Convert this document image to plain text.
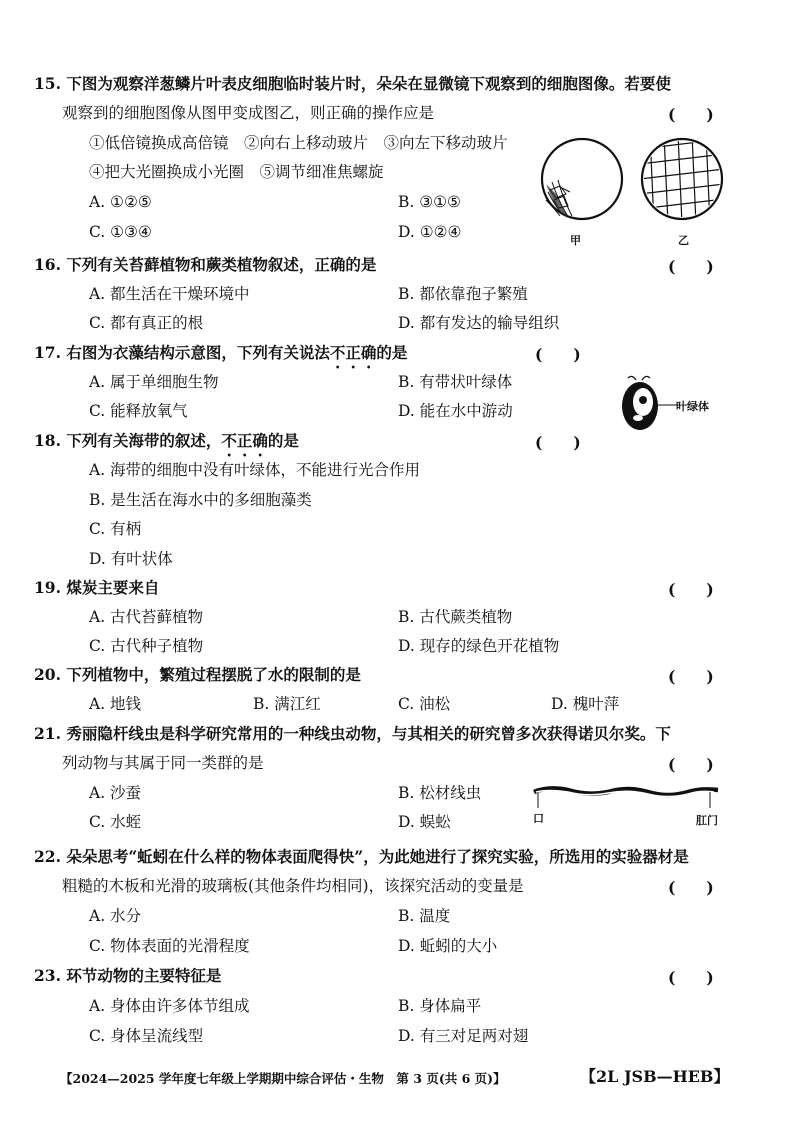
15. 下图为观察洋葱鳞片叶表皮细胞临时装片时，朵朵在显微镜下观察到的细胞图像。若要使
观察到的细胞图像从图甲变成图乙，则正确的操作应是	(　　)
①低倍镜换成高倍镜　②向右上移动玻片　③向左下移动玻片
④把大光圈换成小光圈　⑤调节细准焦螺旋
A. ①②⑤	B. ③①⑤
C. ①③④	D. ①②④	甲	乙
16. 下列有关苔藓植物和蕨类植物叙述，正确的是	(　　)
A. 都生活在干燥环境中	B. 都依靠孢子繁殖
C. 都有真正的根	D. 都有发达的输导组织
17. 右图为衣藻结构示意图，下列有关说法不正确的是	(　　)
A. 属于单细胞生物	B. 有带状叶绿体
C. 能释放氧气	D. 能在水中游动	叶绿体
18. 下列有关海带的叙述，不正确的是	(　　)
A. 海带的细胞中没有叶绿体，不能进行光合作用
B. 是生活在海水中的多细胞藻类
C. 有柄
D. 有叶状体
19. 煤炭主要来自	(　　)
A. 古代苔藓植物	B. 古代蕨类植物
C. 古代种子植物	D. 现存的绿色开花植物
20. 下列植物中，繁殖过程摆脱了水的限制的是	(　　)
A. 地钱	B. 满江红	C. 油松	D. 槐叶萍
21. 秀丽隐杆线虫是科学研究常用的一种线虫动物，与其相关的研究曾多次获得诺贝尔奖。下
列动物与其属于同一类群的是	(　　)
A. 沙蚕	B. 松材线虫
C. 水蛭	D. 蜈蚣	口	肛门
22. 朵朵思考“蚯蚓在什么样的物体表面爬得快”，为此她进行了探究实验，所选用的实验器材是
粗糙的木板和光滑的玻璃板(其他条件均相同)，该探究活动的变量是	(　　)
A. 水分	B. 温度
C. 物体表面的光滑程度	D. 蚯蚓的大小
23. 环节动物的主要特征是	(　　)
A. 身体由许多体节组成	B. 身体扁平
C. 身体呈流线型	D. 有三对足两对翅
【2024—2025 学年度七年级上学期期中综合评估・生物　第 3 页(共 6 页)】	【2L JSB—HEB】
